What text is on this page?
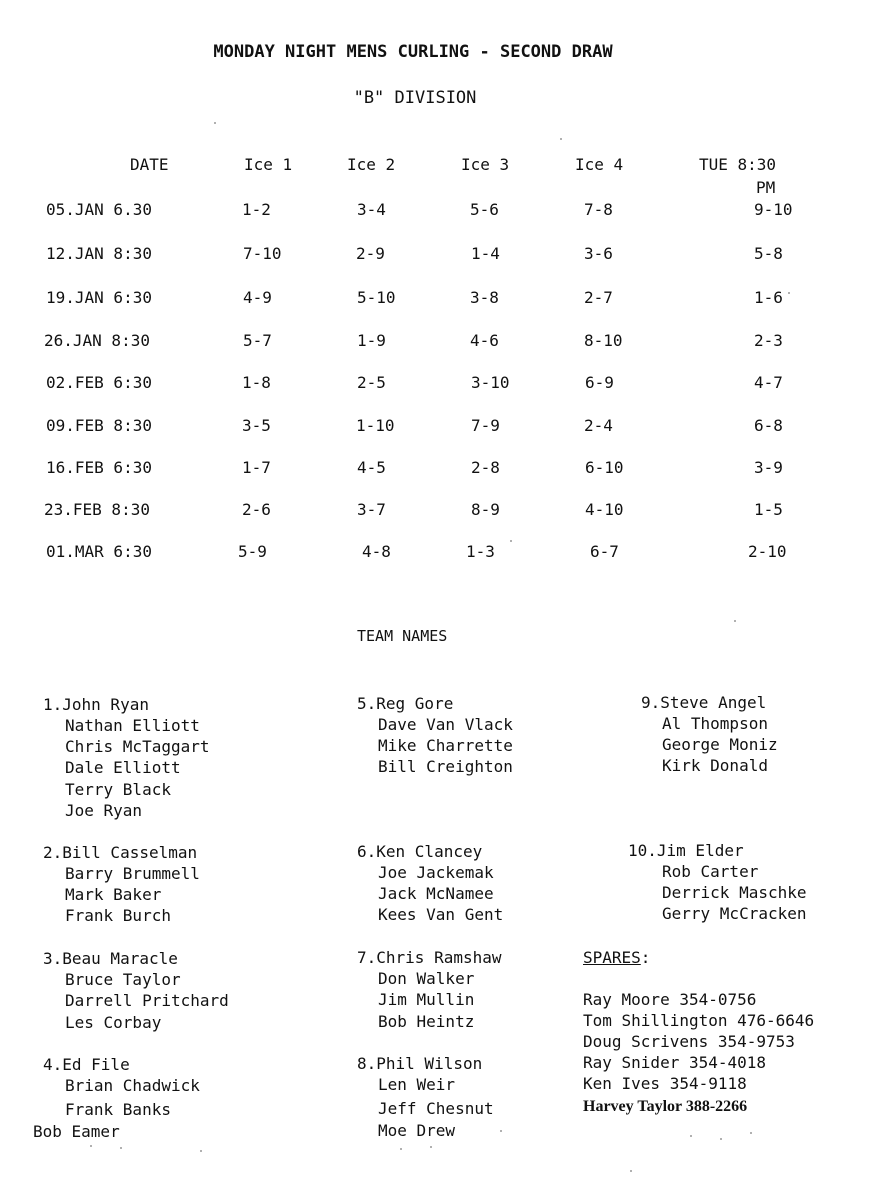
MONDAY NIGHT MENS CURLING - SECOND DRAW
"B" DIVISION
DATE	Ice 1	Ice 2	Ice 3	Ice 4	TUE 8:30
PM
05.JAN 6.30	1-2	3-4	5-6	7-8	9-10
12.JAN 8:30	7-10	2-9	1-4	3-6	5-8
19.JAN 6:30	4-9	5-10	3-8	2-7	1-6
26.JAN 8:30	5-7	1-9	4-6	8-10	2-3
02.FEB 6:30	1-8	2-5	3-10	6-9	4-7
09.FEB 8:30	3-5	1-10	7-9	2-4	6-8
16.FEB 6:30	1-7	4-5	2-8	6-10	3-9
23.FEB 8:30	2-6	3-7	8-9	4-10	1-5
01.MAR 6:30	5-9	4-8	1-3	6-7	2-10
TEAM NAMES
1.John Ryan
Nathan Elliott
Chris McTaggart
Dale Elliott
Terry Black
Joe Ryan
2.Bill Casselman
Barry Brummell
Mark Baker
Frank Burch
3.Beau Maracle
Bruce Taylor
Darrell Pritchard
Les Corbay
4.Ed File
Brian Chadwick
Frank Banks
Bob Eamer
5.Reg Gore
Dave Van Vlack
Mike Charrette
Bill Creighton
6.Ken Clancey
Joe Jackemak
Jack McNamee
Kees Van Gent
7.Chris Ramshaw
Don Walker
Jim Mullin
Bob Heintz
8.Phil Wilson
Len Weir
Jeff Chesnut
Moe Drew
9.Steve Angel
Al Thompson
George Moniz
Kirk Donald
10.Jim Elder
Rob Carter
Derrick Maschke
Gerry McCracken
SPARES:
Ray Moore 354-0756
Tom Shillington 476-6646
Doug Scrivens 354-9753
Ray Snider 354-4018
Ken Ives 354-9118
Harvey Taylor 388-2266
